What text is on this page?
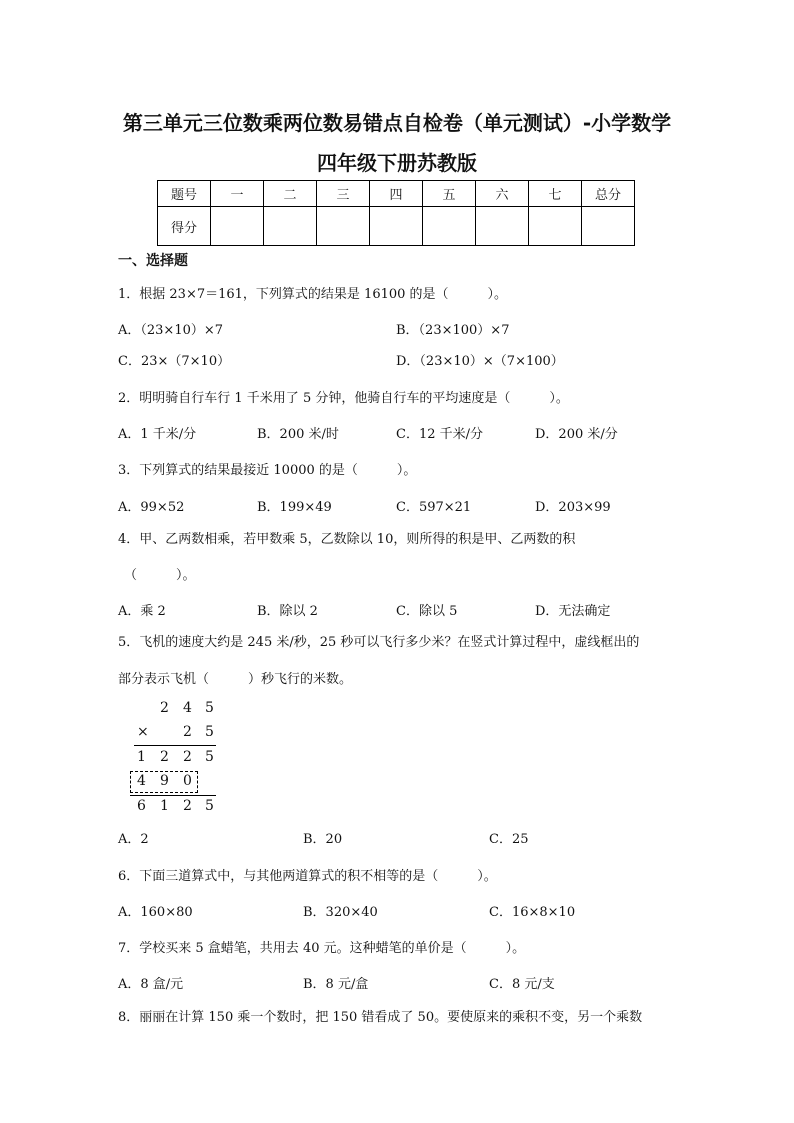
第三单元三位数乘两位数易错点自检卷（单元测试）-小学数学
四年级下册苏教版
题号	一	二	三	四	五	六	七	总分
得分								
一、选择题
1．根据 23×7＝161，下列算式的结果是 16100 的是（　　　）。
A．（23×10）×7	B．（23×100）×7
C．23×（7×10）	D．（23×10）×（7×100）
2．明明骑自行车行 1 千米用了 5 分钟，他骑自行车的平均速度是（　　　）。
A．1 千米/分	B．200 米/时	C．12 千米/分	D．200 米/分
3．下列算式的结果最接近 10000 的是（　　　）。
A．99×52	B．199×49	C．597×21	D．203×99
4．甲、乙两数相乘，若甲数乘 5，乙数除以 10，则所得的积是甲、乙两数的积
（　　　）。
A．乘 2	B．除以 2	C．除以 5	D．无法确定
5．飞机的速度大约是 245 米/秒，25 秒可以飞行多少米？在竖式计算过程中，虚线框出的
部分表示飞机（　　　）秒飞行的米数。
2 4 5
× 2 5
1 2 2 5
4 9 0
6 1 2 5
A．2	B．20	C．25
6．下面三道算式中，与其他两道算式的积不相等的是（　　　）。
A．160×80	B．320×40	C．16×8×10
7．学校买来 5 盒蜡笔，共用去 40 元。这种蜡笔的单价是（　　　）。
A．8 盒/元	B．8 元/盒	C．8 元/支
8．丽丽在计算 150 乘一个数时，把 150 错看成了 50。要使原来的乘积不变，另一个乘数
